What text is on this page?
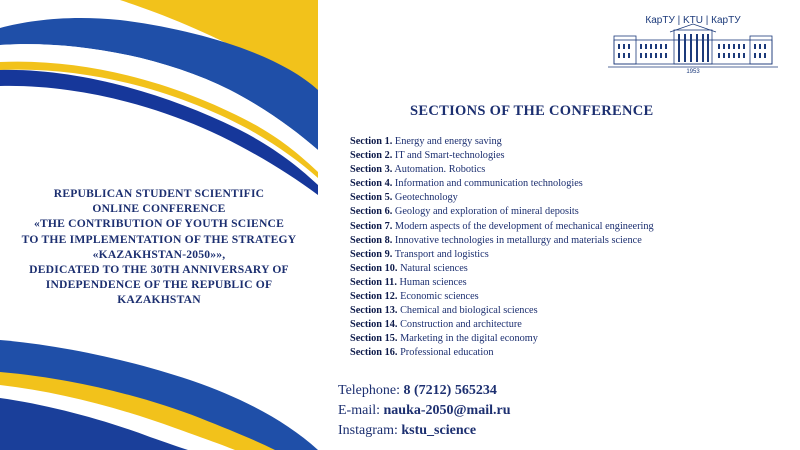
REPUBLICAN STUDENT SCIENTIFIC
ONLINE CONFERENCE
«THE CONTRIBUTION OF YOUTH SCIENCE
TO THE IMPLEMENTATION OF THE STRATEGY
«KAZAKHSTAN-2050»»,
DEDICATED TO THE 30TH ANNIVERSARY OF
INDEPENDENCE OF THE REPUBLIC OF
KAZAKHSTAN
КарТУ | KTU | КарТУ
1953
SECTIONS OF THE CONFERENCE
Section 1. Energy and energy saving
Section 2. IT and Smart-technologies
Section 3. Automation. Robotics
Section 4. Information and communication technologies
Section 5. Geotechnology
Section 6. Geology and exploration of mineral deposits
Section 7. Modern aspects of the development of mechanical engineering
Section 8. Innovative technologies in metallurgy and materials science
Section 9. Transport and logistics
Section 10. Natural sciences
Section 11. Human sciences
Section 12. Economic sciences
Section 13. Chemical and biological sciences
Section 14. Construction and architecture
Section 15. Marketing in the digital economy
Section 16. Professional education
Telephone: 8 (7212) 565234
E-mail: nauka-2050@mail.ru
Instagram: kstu_science
